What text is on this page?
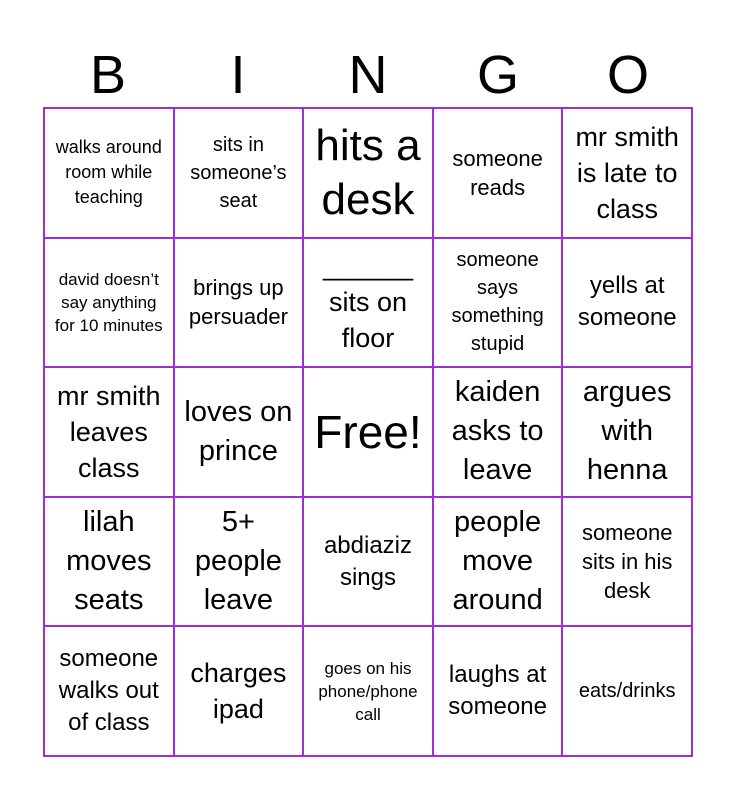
B	I	N	G	O
walks around room while teaching
sits in someone’s seat
hits a desk
someone reads
mr smith is late to class
david doesn’t say anything for 10 minutes
brings up persuader
______ sits on floor
someone says something stupid
yells at someone
mr smith leaves class
loves on prince Free!
kaiden asks to leave
argues with henna
lilah moves seats
5+ people leave
abdiaziz sings
people move around
someone sits in his desk
someone walks out of class
charges ipad
goes on his phone/phone call
laughs at someone
eats/drinks
